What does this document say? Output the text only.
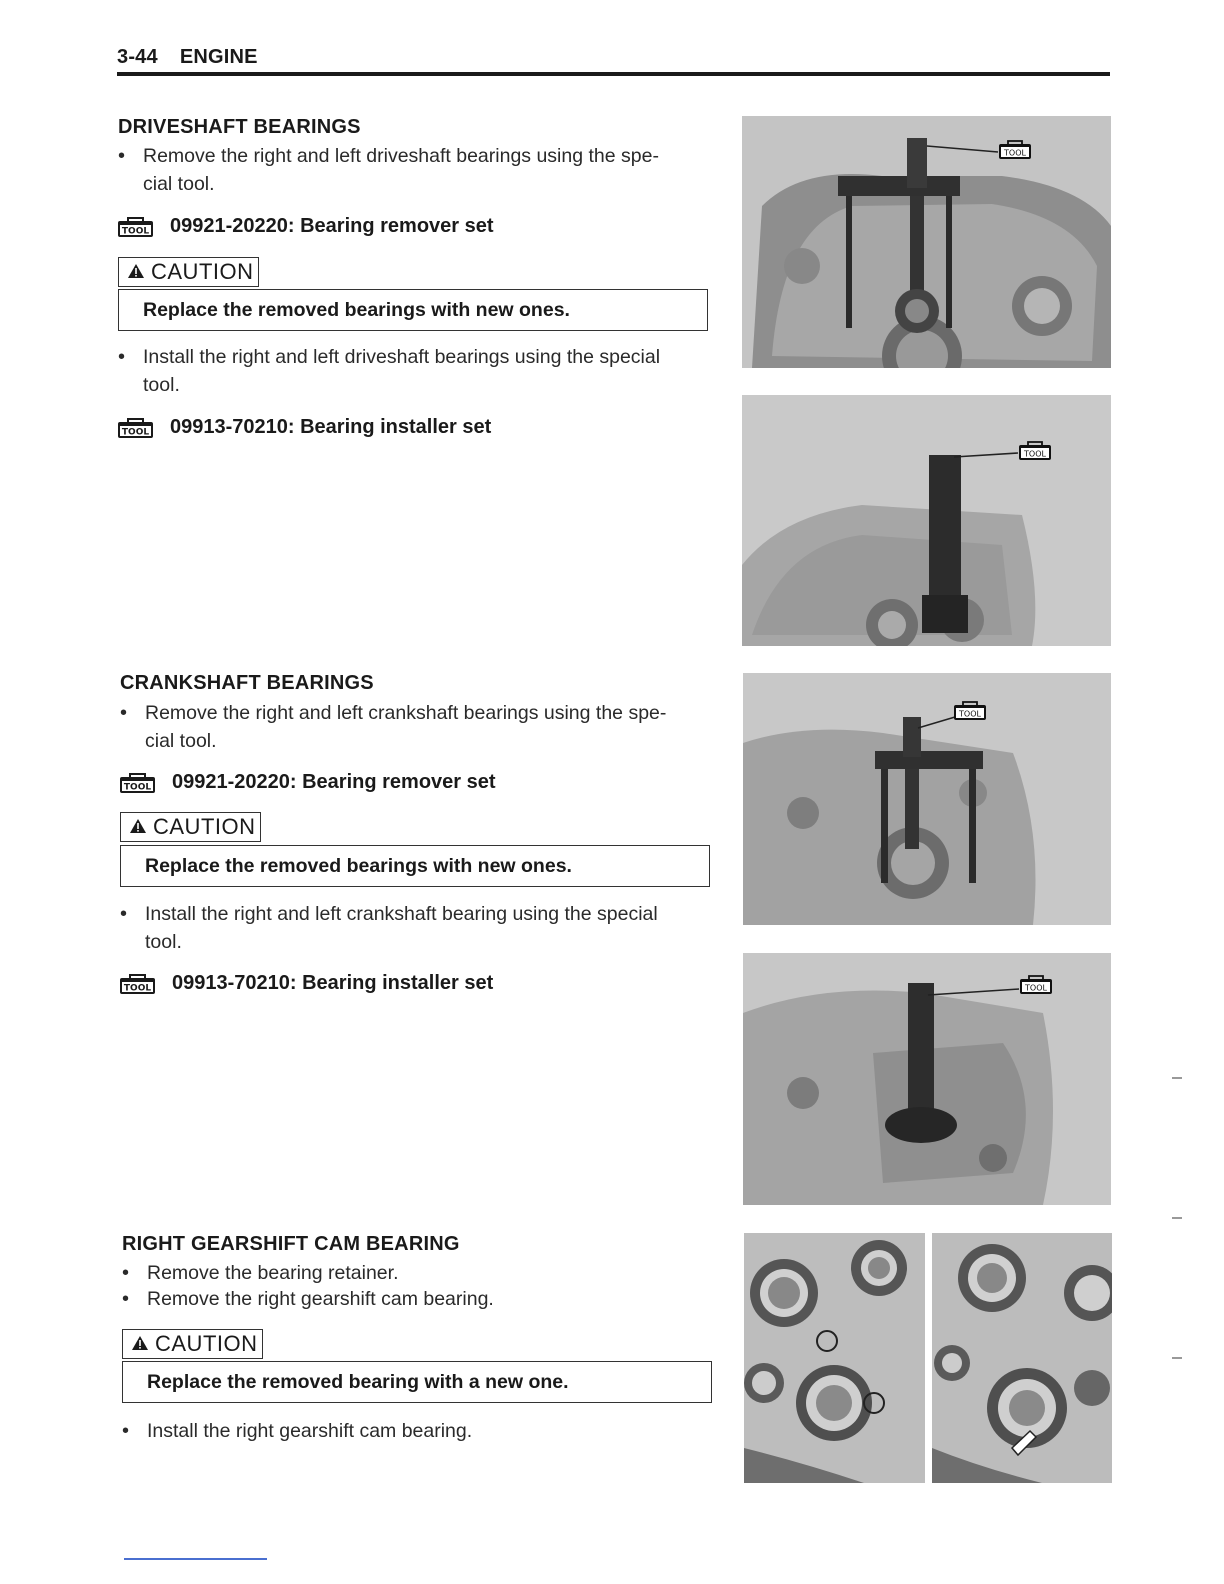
3-44 ENGINE
DRIVESHAFT BEARINGS
• Remove the right and left driveshaft bearings using the spe-
cial tool.
TOOL 09921-20220: Bearing remover set
CAUTION
Replace the removed bearings with new ones.
• Install the right and left driveshaft bearings using the special
tool.
TOOL 09913-70210: Bearing installer set
CRANKSHAFT BEARINGS
• Remove the right and left crankshaft bearings using the spe-
cial tool.
TOOL 09921-20220: Bearing remover set
CAUTION
Replace the removed bearings with new ones.
• Install the right and left crankshaft bearing using the special
tool.
TOOL 09913-70210: Bearing installer set
RIGHT GEARSHIFT CAM BEARING
• Remove the bearing retainer.
• Remove the right gearshift cam bearing.
CAUTION
Replace the removed bearing with a new one.
• Install the right gearshift cam bearing.
TOOL
TOOL
TOOL
TOOL
